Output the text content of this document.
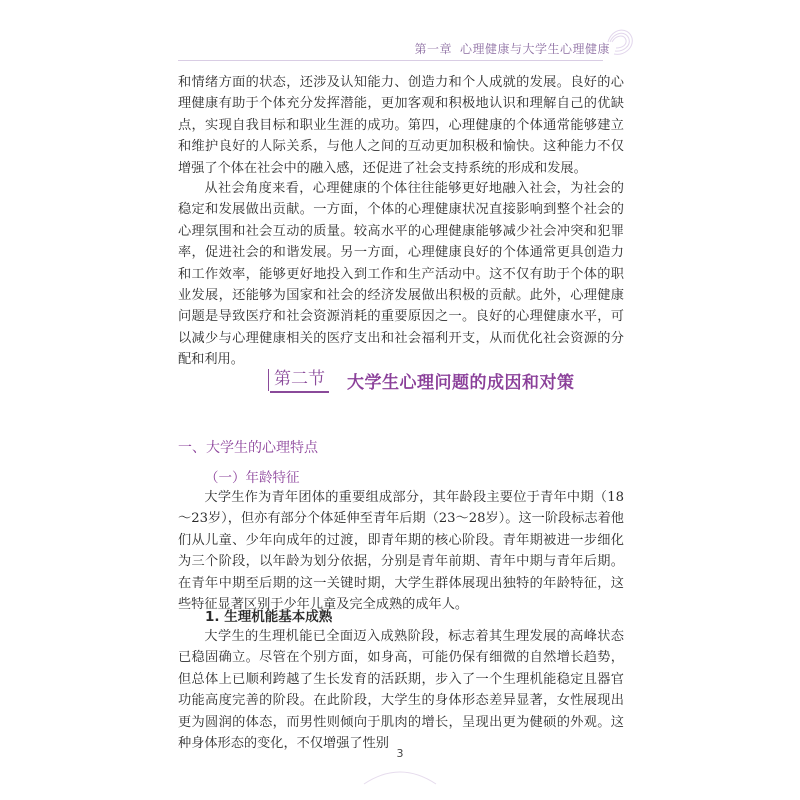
第一章 心理健康与大学生心理健康

和情绪方面的状态，还涉及认知能力、创造力和个人成就的发展。良好的心理健康有助于个体充分发挥潜能，更加客观和积极地认识和理解自己的优缺点，实现自我目标和职业生涯的成功。第四，心理健康的个体通常能够建立和维护良好的人际关系，与他人之间的互动更加积极和愉快。这种能力不仅增强了个体在社会中的融入感，还促进了社会支持系统的形成和发展。

从社会角度来看，心理健康的个体往往能够更好地融入社会，为社会的稳定和发展做出贡献。一方面，个体的心理健康状况直接影响到整个社会的心理氛围和社会互动的质量。较高水平的心理健康能够减少社会冲突和犯罪率，促进社会的和谐发展。另一方面，心理健康良好的个体通常更具创造力和工作效率，能够更好地投入到工作和生产活动中。这不仅有助于个体的职业发展，还能够为国家和社会的经济发展做出积极的贡献。此外，心理健康问题是导致医疗和社会资源消耗的重要原因之一。良好的心理健康水平，可以减少与心理健康相关的医疗支出和社会福利开支，从而优化社会资源的分配和利用。

第二节 大学生心理问题的成因和对策
一、大学生的心理特点
（一）年龄特征

大学生作为青年团体的重要组成部分，其年龄段主要位于青年中期（18～23岁），但亦有部分个体延伸至青年后期（23～28岁）。这一阶段标志着他们从儿童、少年向成年的过渡，即青年期的核心阶段。青年期被进一步细化为三个阶段，以年龄为划分依据，分别是青年前期、青年中期与青年后期。在青年中期至后期的这一关键时期，大学生群体展现出独特的年龄特征，这些特征显著区别于少年儿童及完全成熟的成年人。

1. 生理机能基本成熟

大学生的生理机能已全面迈入成熟阶段，标志着其生理发展的高峰状态已稳固确立。尽管在个别方面，如身高，可能仍保有细微的自然增长趋势，但总体上已顺利跨越了生长发育的活跃期，步入了一个生理机能稳定且器官功能高度完善的阶段。在此阶段，大学生的身体形态差异显著，女性展现出更为圆润的体态，而男性则倾向于肌肉的增长，呈现出更为健硕的外观。这种身体形态的变化，不仅增强了性别

3
